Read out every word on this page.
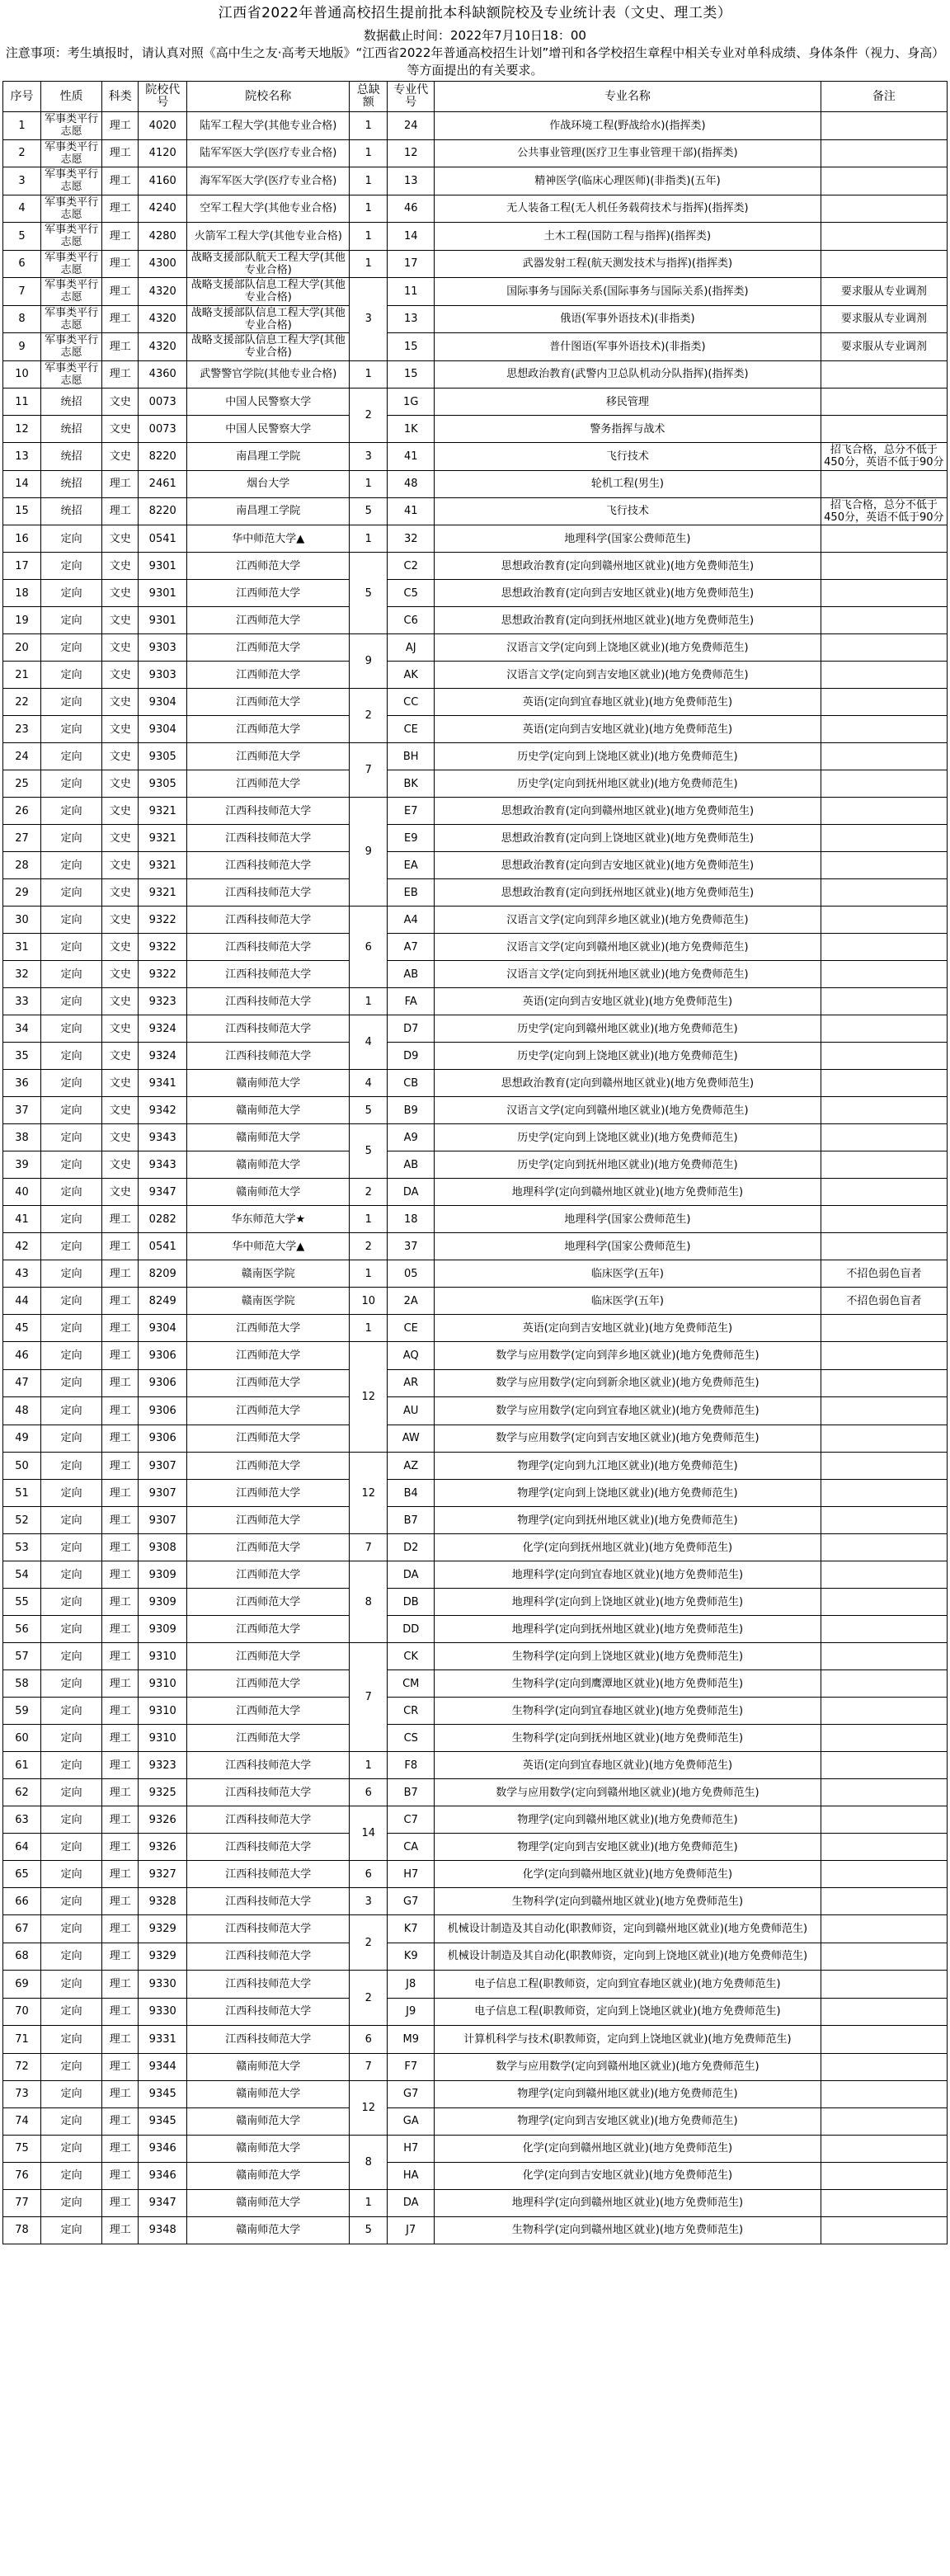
江西省2022年普通高校招生提前批本科缺额院校及专业统计表（文史、理工类）
数据截止时间：2022年7月10日18：00
注意事项：考生填报时，请认真对照《高中生之友·高考天地版》“江西省2022年普通高校招生计划”增刊和各学校招生章程中相关专业对单科成绩、身体条件（视力、身高）等方面提出的有关要求。
序号	性质	科类	院校代号	院校名称	总缺额	专业代号	专业名称	备注
1	军事类平行志愿	理工	4020	陆军工程大学(其他专业合格)	1	24	作战环境工程(野战给水)(指挥类)	
2	军事类平行志愿	理工	4120	陆军军医大学(医疗专业合格)	1	12	公共事业管理(医疗卫生事业管理干部)(指挥类)	
3	军事类平行志愿	理工	4160	海军军医大学(医疗专业合格)	1	13	精神医学(临床心理医师)(非指类)(五年)	
4	军事类平行志愿	理工	4240	空军工程大学(其他专业合格)	1	46	无人装备工程(无人机任务载荷技术与指挥)(指挥类)	
5	军事类平行志愿	理工	4280	火箭军工程大学(其他专业合格)	1	14	土木工程(国防工程与指挥)(指挥类)	
6	军事类平行志愿	理工	4300	战略支援部队航天工程大学(其他专业合格)	1	17	武器发射工程(航天测发技术与指挥)(指挥类)	
7	军事类平行志愿	理工	4320	战略支援部队信息工程大学(其他专业合格)	3	11	国际事务与国际关系(国际事务与国际关系)(指挥类)	要求服从专业调剂
8	军事类平行志愿	理工	4320	战略支援部队信息工程大学(其他专业合格)		13	俄语(军事外语技术)(非指类)	要求服从专业调剂
9	军事类平行志愿	理工	4320	战略支援部队信息工程大学(其他专业合格)		15	普什图语(军事外语技术)(非指类)	要求服从专业调剂
10	军事类平行志愿	理工	4360	武警警官学院(其他专业合格)	1	15	思想政治教育(武警内卫总队机动分队指挥)(指挥类)	
11	统招	文史	0073	中国人民警察大学	2	1G	移民管理	
12	统招	文史	0073	中国人民警察大学		1K	警务指挥与战术	
13	统招	文史	8220	南昌理工学院	3	41	飞行技术	招飞合格，总分不低于450分，英语不低于90分
14	统招	理工	2461	烟台大学	1	48	轮机工程(男生)	
15	统招	理工	8220	南昌理工学院	5	41	飞行技术	招飞合格，总分不低于450分，英语不低于90分
16	定向	文史	0541	华中师范大学▲	1	32	地理科学(国家公费师范生)	
17	定向	文史	9301	江西师范大学	5	C2	思想政治教育(定向到赣州地区就业)(地方免费师范生)	
18	定向	文史	9301	江西师范大学		C5	思想政治教育(定向到吉安地区就业)(地方免费师范生)	
19	定向	文史	9301	江西师范大学		C6	思想政治教育(定向到抚州地区就业)(地方免费师范生)	
20	定向	文史	9303	江西师范大学	9	AJ	汉语言文学(定向到上饶地区就业)(地方免费师范生)	
21	定向	文史	9303	江西师范大学		AK	汉语言文学(定向到吉安地区就业)(地方免费师范生)	
22	定向	文史	9304	江西师范大学	2	CC	英语(定向到宜春地区就业)(地方免费师范生)	
23	定向	文史	9304	江西师范大学		CE	英语(定向到吉安地区就业)(地方免费师范生)	
24	定向	文史	9305	江西师范大学	7	BH	历史学(定向到上饶地区就业)(地方免费师范生)	
25	定向	文史	9305	江西师范大学		BK	历史学(定向到抚州地区就业)(地方免费师范生)	
26	定向	文史	9321	江西科技师范大学	9	E7	思想政治教育(定向到赣州地区就业)(地方免费师范生)	
27	定向	文史	9321	江西科技师范大学		E9	思想政治教育(定向到上饶地区就业)(地方免费师范生)	
28	定向	文史	9321	江西科技师范大学		EA	思想政治教育(定向到吉安地区就业)(地方免费师范生)	
29	定向	文史	9321	江西科技师范大学		EB	思想政治教育(定向到抚州地区就业)(地方免费师范生)	
30	定向	文史	9322	江西科技师范大学	6	A4	汉语言文学(定向到萍乡地区就业)(地方免费师范生)	
31	定向	文史	9322	江西科技师范大学		A7	汉语言文学(定向到赣州地区就业)(地方免费师范生)	
32	定向	文史	9322	江西科技师范大学		AB	汉语言文学(定向到抚州地区就业)(地方免费师范生)	
33	定向	文史	9323	江西科技师范大学	1	FA	英语(定向到吉安地区就业)(地方免费师范生)	
34	定向	文史	9324	江西科技师范大学	4	D7	历史学(定向到赣州地区就业)(地方免费师范生)	
35	定向	文史	9324	江西科技师范大学		D9	历史学(定向到上饶地区就业)(地方免费师范生)	
36	定向	文史	9341	赣南师范大学	4	CB	思想政治教育(定向到赣州地区就业)(地方免费师范生)	
37	定向	文史	9342	赣南师范大学	5	B9	汉语言文学(定向到赣州地区就业)(地方免费师范生)	
38	定向	文史	9343	赣南师范大学	5	A9	历史学(定向到上饶地区就业)(地方免费师范生)	
39	定向	文史	9343	赣南师范大学		AB	历史学(定向到抚州地区就业)(地方免费师范生)	
40	定向	文史	9347	赣南师范大学	2	DA	地理科学(定向到赣州地区就业)(地方免费师范生)	
41	定向	理工	0282	华东师范大学★	1	18	地理科学(国家公费师范生)	
42	定向	理工	0541	华中师范大学▲	2	37	地理科学(国家公费师范生)	
43	定向	理工	8209	赣南医学院	1	05	临床医学(五年)	不招色弱色盲者
44	定向	理工	8249	赣南医学院	10	2A	临床医学(五年)	不招色弱色盲者
45	定向	理工	9304	江西师范大学	1	CE	英语(定向到吉安地区就业)(地方免费师范生)	
46	定向	理工	9306	江西师范大学	12	AQ	数学与应用数学(定向到萍乡地区就业)(地方免费师范生)	
47	定向	理工	9306	江西师范大学		AR	数学与应用数学(定向到新余地区就业)(地方免费师范生)	
48	定向	理工	9306	江西师范大学		AU	数学与应用数学(定向到宜春地区就业)(地方免费师范生)	
49	定向	理工	9306	江西师范大学		AW	数学与应用数学(定向到吉安地区就业)(地方免费师范生)	
50	定向	理工	9307	江西师范大学	12	AZ	物理学(定向到九江地区就业)(地方免费师范生)	
51	定向	理工	9307	江西师范大学		B4	物理学(定向到上饶地区就业)(地方免费师范生)	
52	定向	理工	9307	江西师范大学		B7	物理学(定向到抚州地区就业)(地方免费师范生)	
53	定向	理工	9308	江西师范大学	7	D2	化学(定向到抚州地区就业)(地方免费师范生)	
54	定向	理工	9309	江西师范大学	8	DA	地理科学(定向到宜春地区就业)(地方免费师范生)	
55	定向	理工	9309	江西师范大学		DB	地理科学(定向到上饶地区就业)(地方免费师范生)	
56	定向	理工	9309	江西师范大学		DD	地理科学(定向到抚州地区就业)(地方免费师范生)	
57	定向	理工	9310	江西师范大学	7	CK	生物科学(定向到上饶地区就业)(地方免费师范生)	
58	定向	理工	9310	江西师范大学		CM	生物科学(定向到鹰潭地区就业)(地方免费师范生)	
59	定向	理工	9310	江西师范大学		CR	生物科学(定向到宜春地区就业)(地方免费师范生)	
60	定向	理工	9310	江西师范大学		CS	生物科学(定向到抚州地区就业)(地方免费师范生)	
61	定向	理工	9323	江西科技师范大学	1	F8	英语(定向到宜春地区就业)(地方免费师范生)	
62	定向	理工	9325	江西科技师范大学	6	B7	数学与应用数学(定向到赣州地区就业)(地方免费师范生)	
63	定向	理工	9326	江西科技师范大学	14	C7	物理学(定向到赣州地区就业)(地方免费师范生)	
64	定向	理工	9326	江西科技师范大学		CA	物理学(定向到吉安地区就业)(地方免费师范生)	
65	定向	理工	9327	江西科技师范大学	6	H7	化学(定向到赣州地区就业)(地方免费师范生)	
66	定向	理工	9328	江西科技师范大学	3	G7	生物科学(定向到赣州地区就业)(地方免费师范生)	
67	定向	理工	9329	江西科技师范大学	2	K7	机械设计制造及其自动化(职教师资，定向到赣州地区就业)(地方免费师范生)	
68	定向	理工	9329	江西科技师范大学		K9	机械设计制造及其自动化(职教师资，定向到上饶地区就业)(地方免费师范生)	
69	定向	理工	9330	江西科技师范大学	2	J8	电子信息工程(职教师资，定向到宜春地区就业)(地方免费师范生)	
70	定向	理工	9330	江西科技师范大学		J9	电子信息工程(职教师资，定向到上饶地区就业)(地方免费师范生)	
71	定向	理工	9331	江西科技师范大学	6	M9	计算机科学与技术(职教师资，定向到上饶地区就业)(地方免费师范生)	
72	定向	理工	9344	赣南师范大学	7	F7	数学与应用数学(定向到赣州地区就业)(地方免费师范生)	
73	定向	理工	9345	赣南师范大学	12	G7	物理学(定向到赣州地区就业)(地方免费师范生)	
74	定向	理工	9345	赣南师范大学		GA	物理学(定向到吉安地区就业)(地方免费师范生)	
75	定向	理工	9346	赣南师范大学	8	H7	化学(定向到赣州地区就业)(地方免费师范生)	
76	定向	理工	9346	赣南师范大学		HA	化学(定向到吉安地区就业)(地方免费师范生)	
77	定向	理工	9347	赣南师范大学	1	DA	地理科学(定向到赣州地区就业)(地方免费师范生)	
78	定向	理工	9348	赣南师范大学	5	J7	生物科学(定向到赣州地区就业)(地方免费师范生)	
